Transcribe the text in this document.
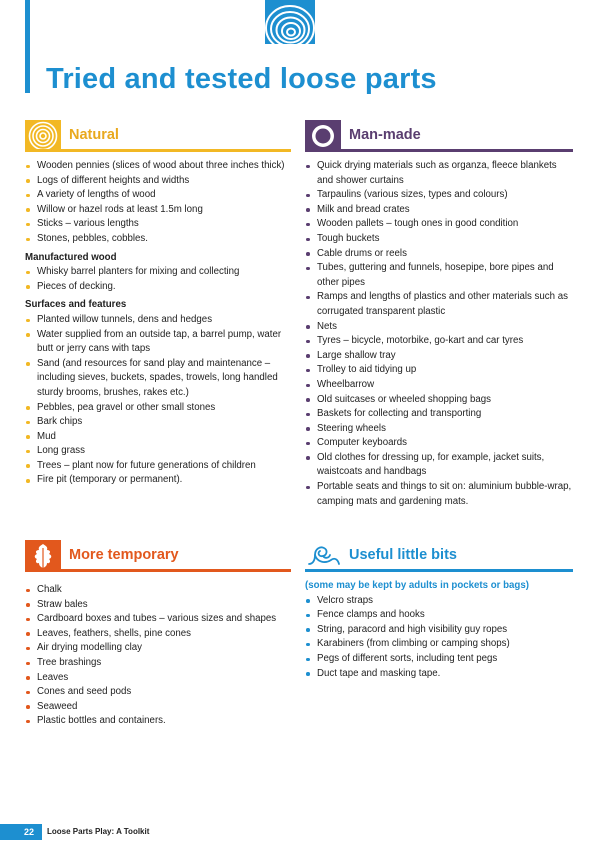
Tried and tested loose parts
Natural
Wooden pennies (slices of wood about three inches thick)
Logs of different heights and widths
A variety of lengths of wood
Willow or hazel rods at least 1.5m long
Sticks – various lengths
Stones, pebbles, cobbles.
Manufactured wood
Whisky barrel planters for mixing and collecting
Pieces of decking.
Surfaces and features
Planted willow tunnels, dens and hedges
Water supplied from an outside tap, a barrel pump, water butt or jerry cans with taps
Sand (and resources for sand play and maintenance – including sieves, buckets, spades, trowels, long handled sturdy brooms, brushes, rakes etc.)
Pebbles, pea gravel or other small stones
Bark chips
Mud
Long grass
Trees – plant now for future generations of children
Fire pit (temporary or permanent).
Man-made
Quick drying materials such as organza, fleece blankets and shower curtains
Tarpaulins (various sizes, types and colours)
Milk and bread crates
Wooden pallets – tough ones in good condition
Tough buckets
Cable drums or reels
Tubes, guttering and funnels, hosepipe, bore pipes and other pipes
Ramps and lengths of plastics and other materials such as corrugated transparent plastic
Nets
Tyres – bicycle, motorbike, go-kart and car tyres
Large shallow tray
Trolley to aid tidying up
Wheelbarrow
Old suitcases or wheeled shopping bags
Baskets for collecting and transporting
Steering wheels
Computer keyboards
Old clothes for dressing up, for example, jacket suits, waistcoats and handbags
Portable seats and things to sit on: aluminium bubble-wrap, camping mats and gardening mats.
More temporary
Chalk
Straw bales
Cardboard boxes and tubes – various sizes and shapes
Leaves, feathers, shells, pine cones
Air drying modelling clay
Tree brashings
Leaves
Cones and seed pods
Seaweed
Plastic bottles and containers.
Useful little bits
(some may be kept by adults in pockets or bags)
Velcro straps
Fence clamps and hooks
String, paracord and high visibility guy ropes
Karabiners (from climbing or camping shops)
Pegs of different sorts, including tent pegs
Duct tape and masking tape.
22	Loose Parts Play: A Toolkit
